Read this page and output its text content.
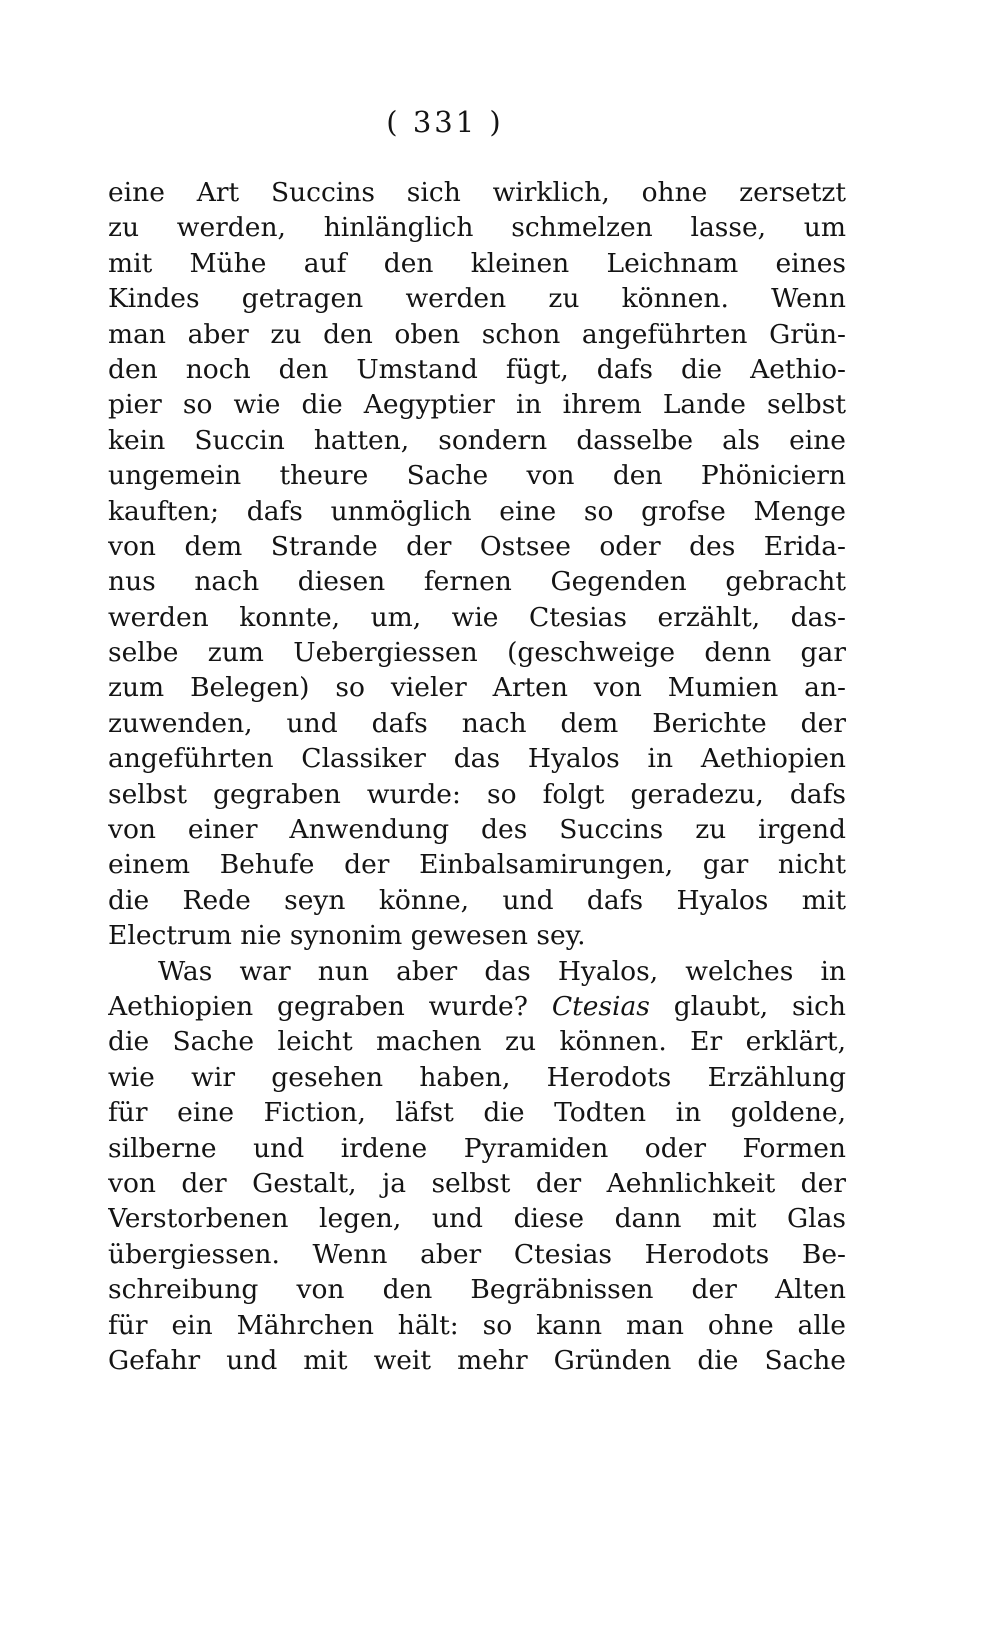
( 331 )
eine Art Succins sich wirklich, ohne zersetzt
zu werden, hinlänglich schmelzen lasse, um
mit Mühe auf den kleinen Leichnam eines
Kindes getragen werden zu können. Wenn
man aber zu den oben schon angeführten Grün-
den noch den Umstand fügt, dafs die Aethio-
pier so wie die Aegyptier in ihrem Lande selbst
kein Succin hatten, sondern dasselbe als eine
ungemein theure Sache von den Phöniciern
kauften; dafs unmöglich eine so grofse Menge
von dem Strande der Ostsee oder des Erida-
nus nach diesen fernen Gegenden gebracht
werden konnte, um, wie Ctesias erzählt, das-
selbe zum Uebergiessen (geschweige denn gar
zum Belegen) so vieler Arten von Mumien an-
zuwenden, und dafs nach dem Berichte der
angeführten Classiker das Hyalos in Aethiopien
selbst gegraben wurde: so folgt geradezu, dafs
von einer Anwendung des Succins zu irgend
einem Behufe der Einbalsamirungen, gar nicht
die Rede seyn könne, und dafs Hyalos mit
Electrum nie synonim gewesen sey.
Was war nun aber das Hyalos, welches in
Aethiopien gegraben wurde? Ctesias glaubt, sich
die Sache leicht machen zu können. Er erklärt,
wie wir gesehen haben, Herodots Erzählung
für eine Fiction, läfst die Todten in goldene,
silberne und irdene Pyramiden oder Formen
von der Gestalt, ja selbst der Aehnlichkeit der
Verstorbenen legen, und diese dann mit Glas
übergiessen. Wenn aber Ctesias Herodots Be-
schreibung von den Begräbnissen der Alten
für ein Mährchen hält: so kann man ohne alle
Gefahr und mit weit mehr Gründen die Sache
